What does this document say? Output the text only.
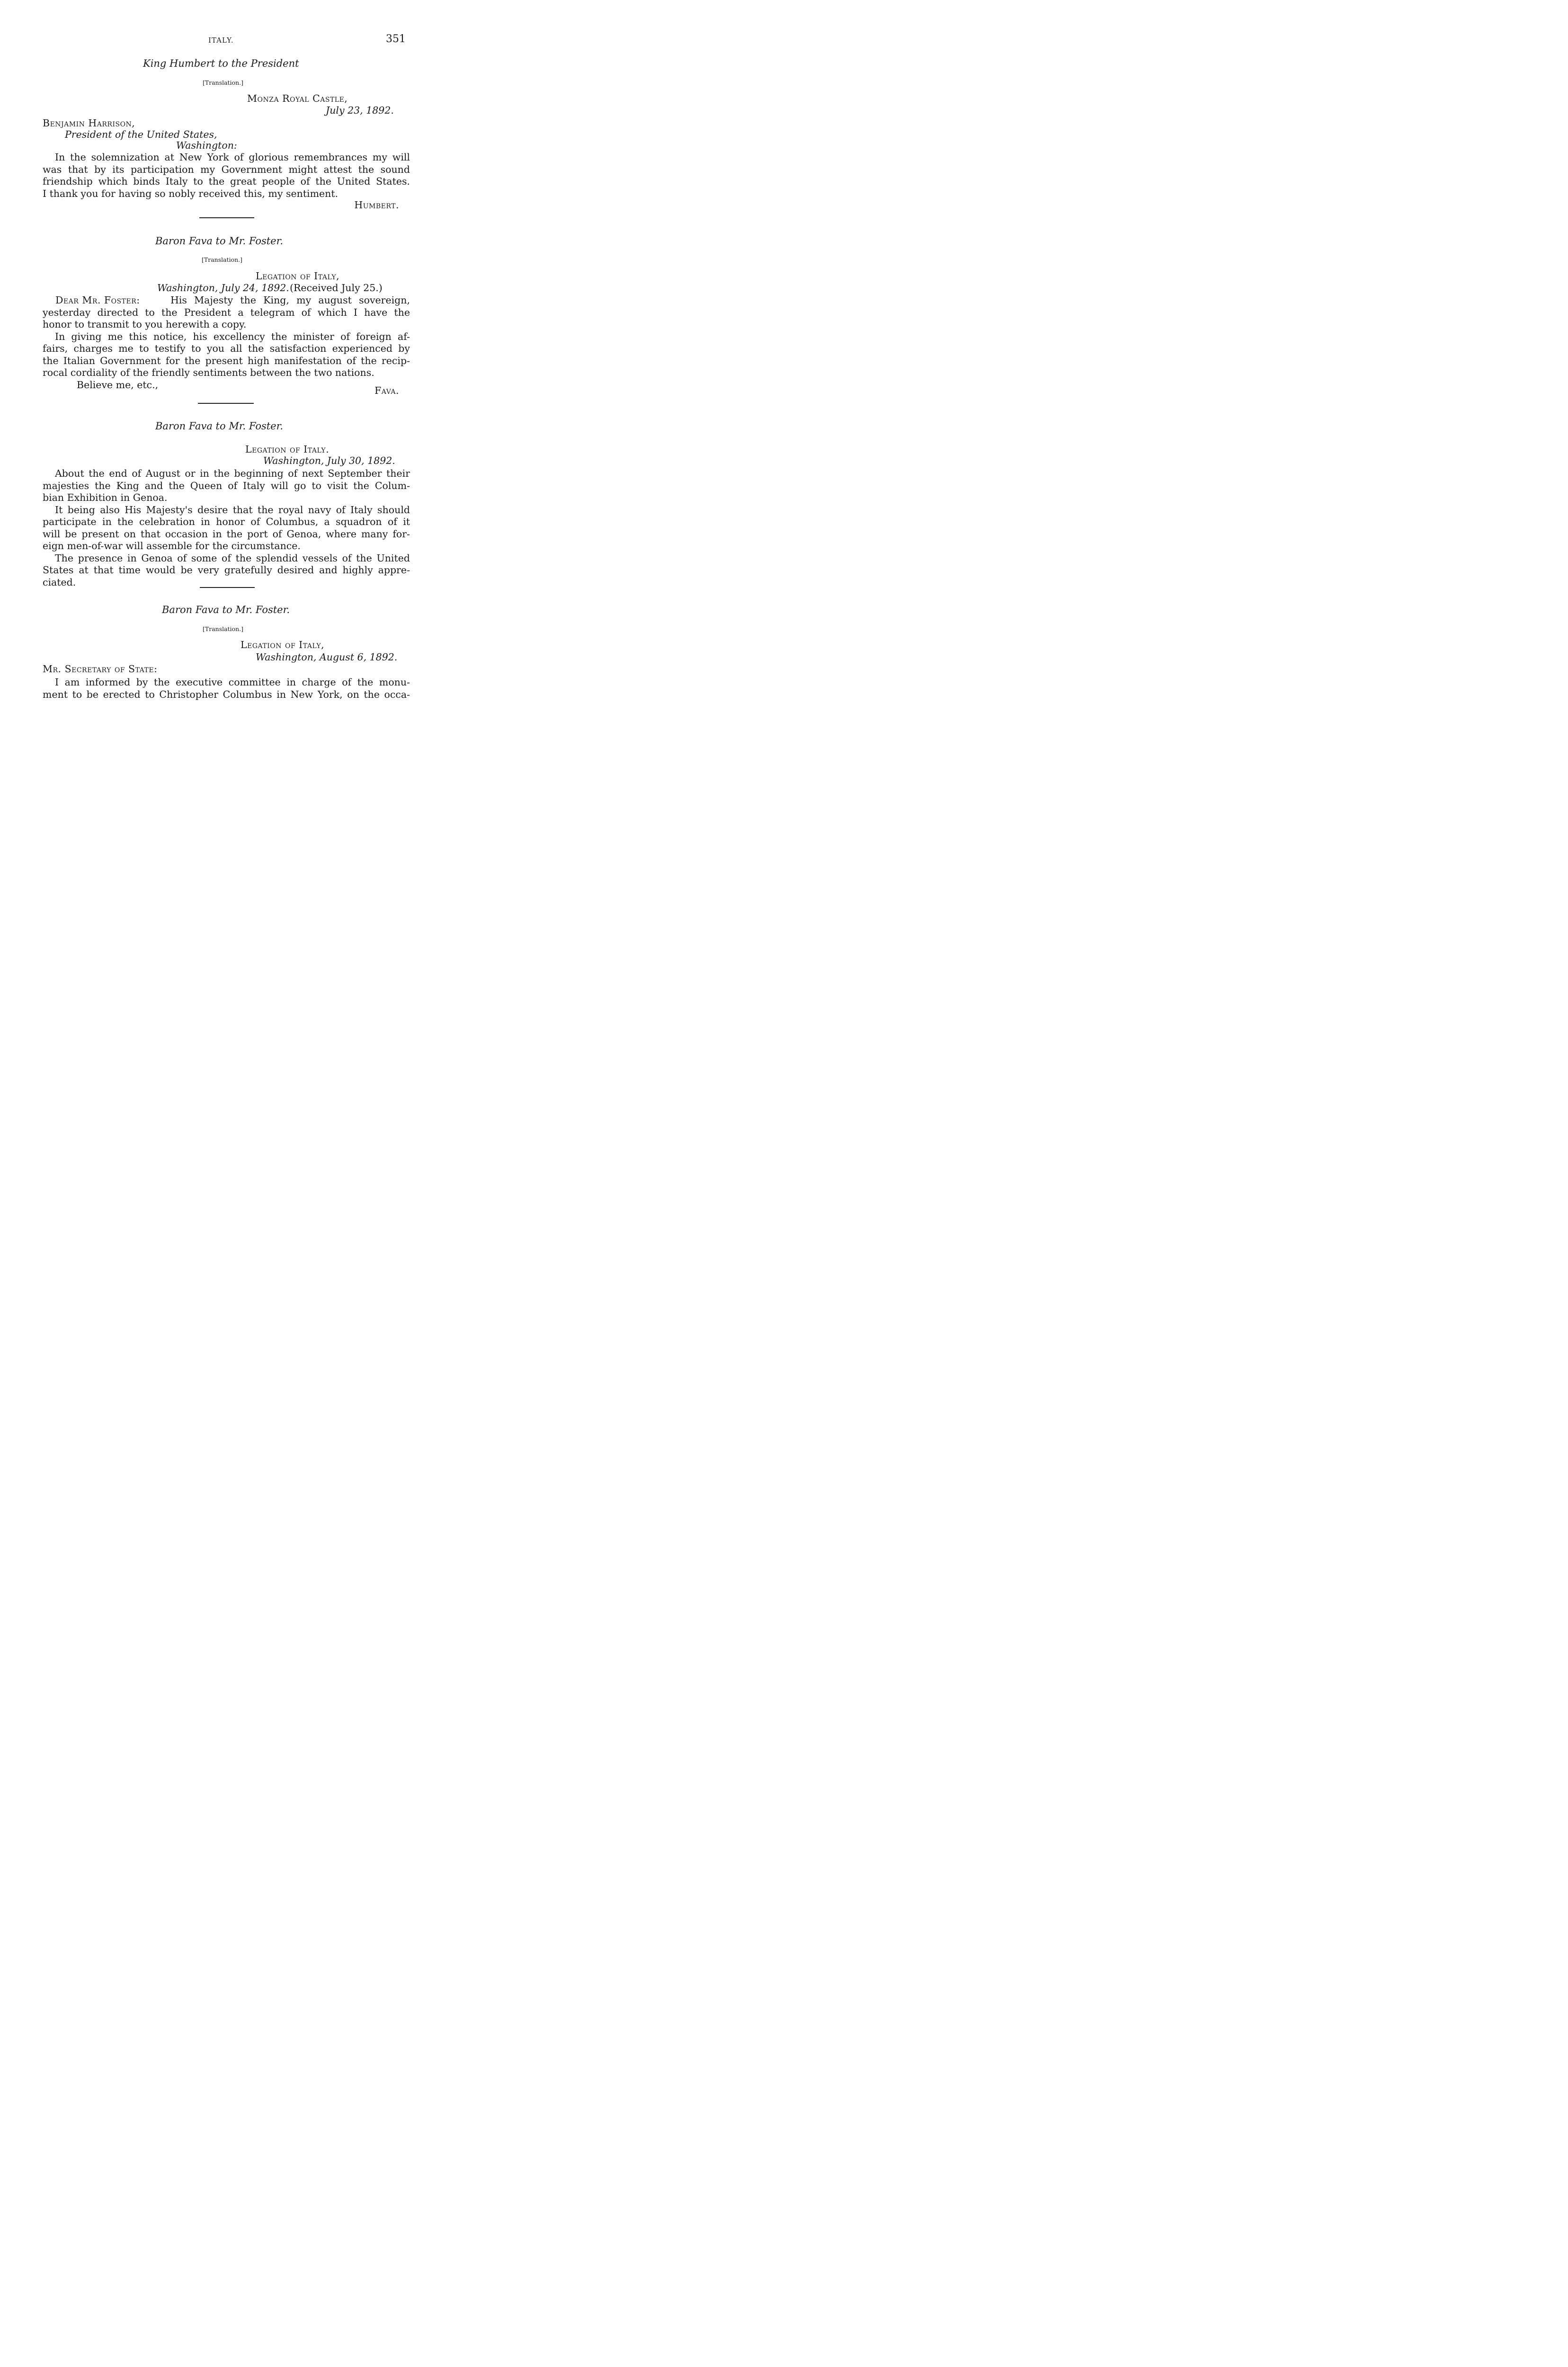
ITALY.	351
King Humbert to the President
[Translation.]
Monza Royal Castle,
July 23, 1892.
Benjamin Harrison,
President of the United States,
Washington:
In the solemnization at New York of glorious remembrances my will
was that by its participation my Government might attest the sound
friendship which binds Italy to the great people of the United States.
I thank you for having so nobly received this, my sentiment.
Humbert.
Baron Fava to Mr. Foster.
[Translation.]
Legation of Italy,
Washington, July 24, 1892. (Received July 25.)
Dear Mr. Foster:	His Majesty the King, my august sovereign,
yesterday directed to the President a telegram of which I have the
honor to transmit to you herewith a copy.
In giving me this notice, his excellency the minister of foreign af-
fairs, charges me to testify to you all the satisfaction experienced by
the Italian Government for the present high manifestation of the recip-
rocal cordiality of the friendly sentiments between the two nations.
Believe me, etc.,
Fava.
Baron Fava to Mr. Foster.
Legation of Italy.
Washington, July 30, 1892.
About the end of August or in the beginning of next September their
majesties the King and the Queen of Italy will go to visit the Colum-
bian Exhibition in Genoa.
It being also His Majesty's desire that the royal navy of Italy should
participate in the celebration in honor of Columbus, a squadron of it
will be present on that occasion in the port of Genoa, where many for-
eign men-of-war will assemble for the circumstance.
The presence in Genoa of some of the splendid vessels of the United
States at that time would be very gratefully desired and highly appre-
ciated.
Baron Fava to Mr. Foster.
[Translation.]
Legation of Italy,
Washington, August 6, 1892.
Mr. Secretary of State:
I am informed by the executive committee in charge of the monu-
ment to be erected to Christopher Columbus in New York, on the occa-
